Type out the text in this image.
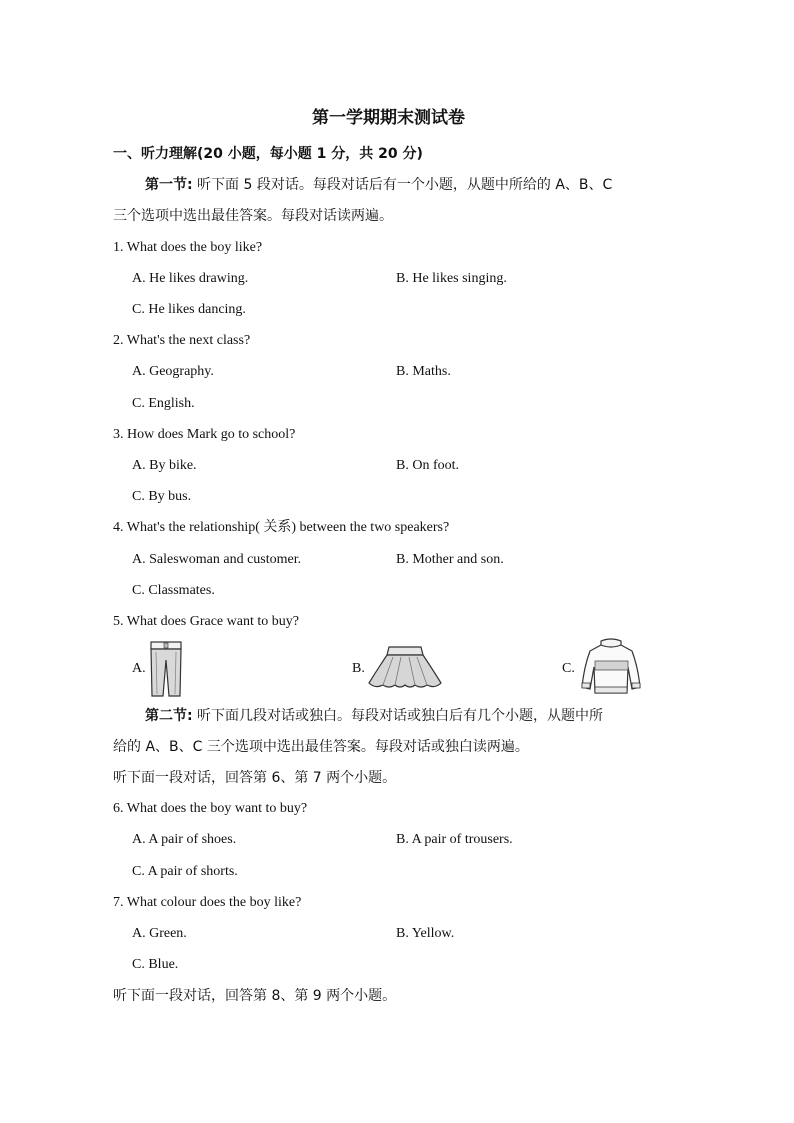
第一学期期末测试卷
一、听力理解(20 小题，每小题 1 分，共 20 分)
第一节: 听下面 5 段对话。每段对话后有一个小题，从题中所给的 A、B、C
三个选项中选出最佳答案。每段对话读两遍。
1. What does the boy like?
A. He likes drawing.	B. He likes singing.
C. He likes dancing.
2. What's the next class?
A. Geography.	B. Maths.
C. English.
3. How does Mark go to school?
A. By bike.	B. On foot.
C. By bus.
4. What's the relationship( 关系) between the two speakers?
A. Saleswoman and customer.	B. Mother and son.
C. Classmates.
5. What does Grace want to buy?
A.	B.	C.
第二节: 听下面几段对话或独白。每段对话或独白后有几个小题，从题中所
给的 A、B、C 三个选项中选出最佳答案。每段对话或独白读两遍。
听下面一段对话，回答第 6、第 7 两个小题。
6. What does the boy want to buy?
A. A pair of shoes.	B. A pair of trousers.
C. A pair of shorts.
7. What colour does the boy like?
A. Green.	B. Yellow.
C. Blue.
听下面一段对话，回答第 8、第 9 两个小题。
